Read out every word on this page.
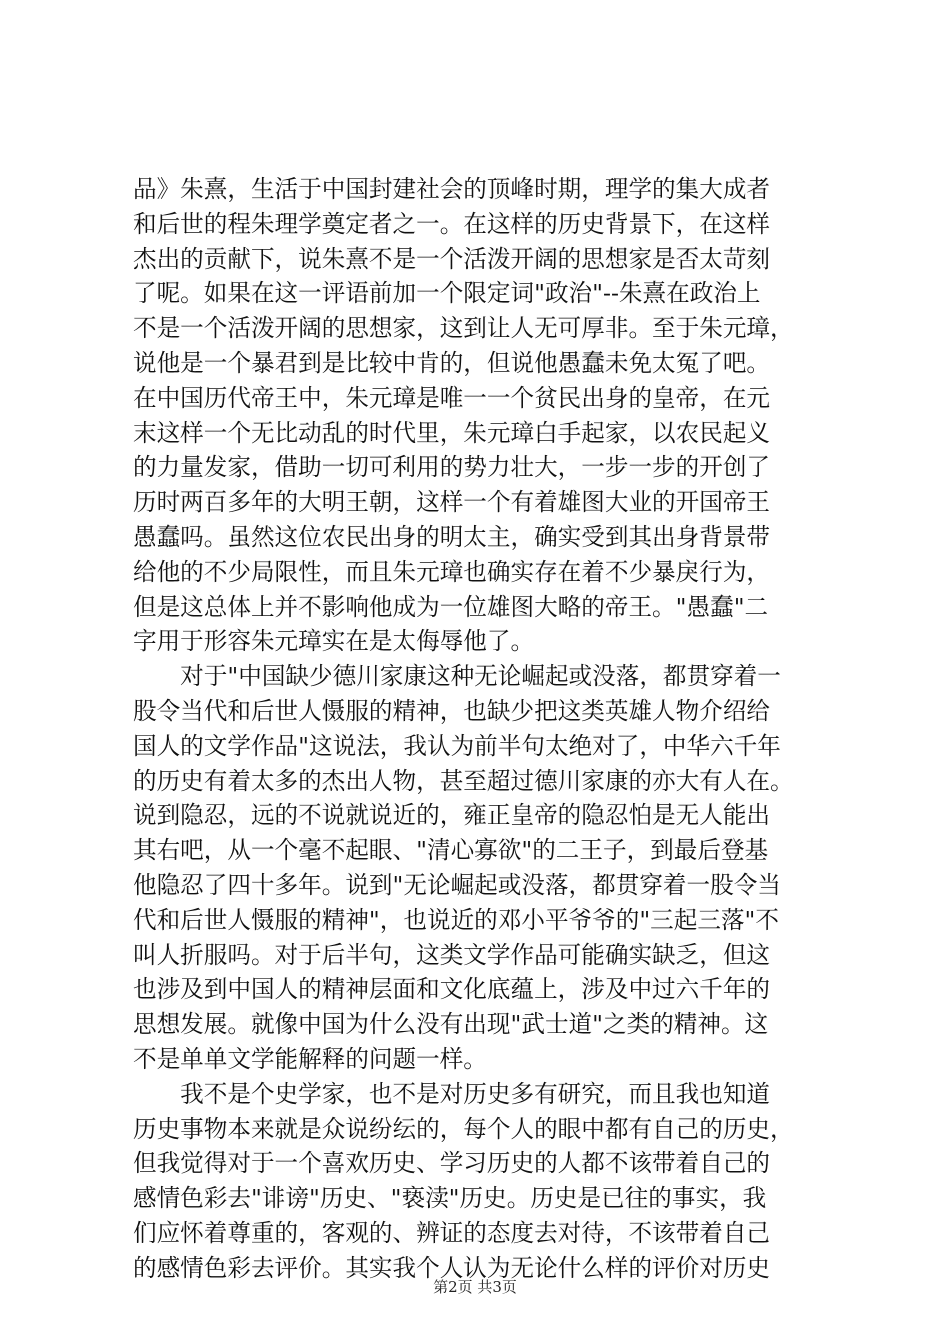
品》朱熹，生活于中国封建社会的顶峰时期，理学的集大成者
和后世的程朱理学奠定者之一。在这样的历史背景下，在这样
杰出的贡献下，说朱熹不是一个活泼开阔的思想家是否太苛刻
了呢。如果在这一评语前加一个限定词"政治"--朱熹在政治上
不是一个活泼开阔的思想家，这到让人无可厚非。至于朱元璋，
说他是一个暴君到是比较中肯的，但说他愚蠢未免太冤了吧。
在中国历代帝王中，朱元璋是唯一一个贫民出身的皇帝，在元
末这样一个无比动乱的时代里，朱元璋白手起家，以农民起义
的力量发家，借助一切可利用的势力壮大，一步一步的开创了
历时两百多年的大明王朝，这样一个有着雄图大业的开国帝王
愚蠢吗。虽然这位农民出身的明太主，确实受到其出身背景带
给他的不少局限性，而且朱元璋也确实存在着不少暴戾行为，
但是这总体上并不影响他成为一位雄图大略的帝王。"愚蠢"二
字用于形容朱元璋实在是太侮辱他了。
　　对于"中国缺少德川家康这种无论崛起或没落，都贯穿着一
股令当代和后世人慑服的精神，也缺少把这类英雄人物介绍给
国人的文学作品"这说法，我认为前半句太绝对了，中华六千年
的历史有着太多的杰出人物，甚至超过德川家康的亦大有人在。
说到隐忍，远的不说就说近的，雍正皇帝的隐忍怕是无人能出
其右吧，从一个毫不起眼、"清心寡欲"的二王子，到最后登基
他隐忍了四十多年。说到"无论崛起或没落，都贯穿着一股令当
代和后世人慑服的精神"，也说近的邓小平爷爷的"三起三落"不
叫人折服吗。对于后半句，这类文学作品可能确实缺乏，但这
也涉及到中国人的精神层面和文化底蕴上，涉及中过六千年的
思想发展。就像中国为什么没有出现"武士道"之类的精神。这
不是单单文学能解释的问题一样。
　　我不是个史学家，也不是对历史多有研究，而且我也知道
历史事物本来就是众说纷纭的，每个人的眼中都有自己的历史，
但我觉得对于一个喜欢历史、学习历史的人都不该带着自己的
感情色彩去"诽谤"历史、"亵渎"历史。历史是已往的事实，我
们应怀着尊重的，客观的、辨证的态度去对待，不该带着自己
的感情色彩去评价。其实我个人认为无论什么样的评价对历史
第2页 共3页
